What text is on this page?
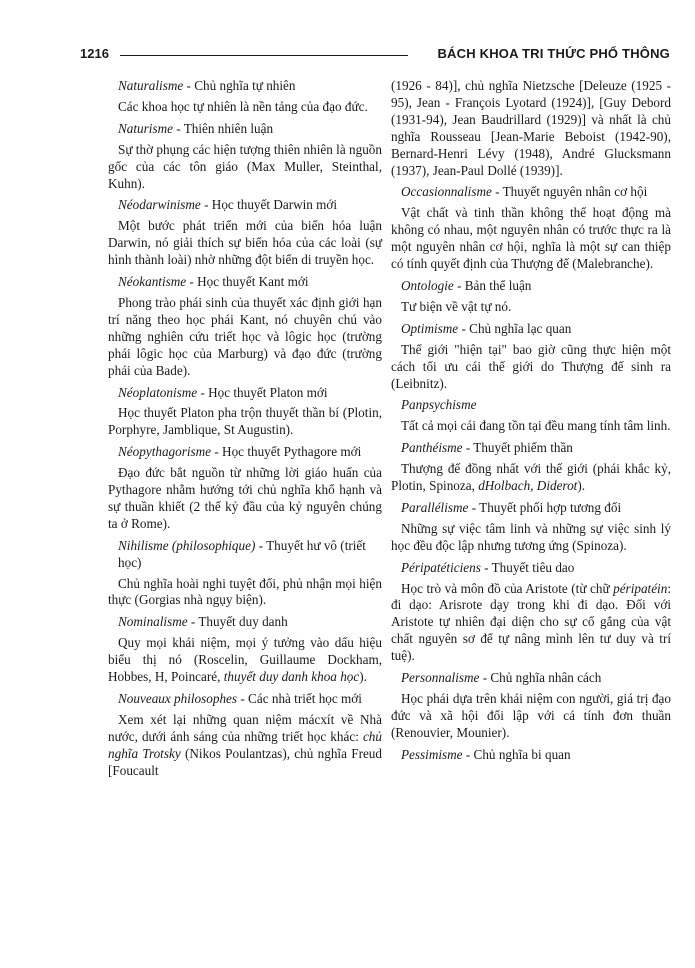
1216	BÁCH KHOA TRI THỨC PHỔ THÔNG

Naturalisme - Chủ nghĩa tự nhiên

Các khoa học tự nhiên là nền tảng của đạo đức.

Naturisme - Thiên nhiên luận

Sự thờ phụng các hiện tượng thiên nhiên là nguồn gốc của các tôn giáo (Max Muller, Steinthal, Kuhn).

Néodarwinisme - Học thuyết Darwin mới

Một bước phát triển mới của biến hóa luận Darwin, nó giải thích sự biến hóa của các loài (sự hình thành loài) nhờ những đột biến di truyền học.

Néokantisme - Học thuyết Kant mới

Phong trào phái sinh của thuyết xác định giới hạn trí năng theo học phái Kant, nó chuyên chú vào những nghiên cứu triết học và lôgic học (trường phái lôgic học của Marburg) và đạo đức (trường phái của Bade).

Néoplatonisme - Học thuyết Platon mới

Học thuyết Platon pha trộn thuyết thần bí (Plotin, Porphyre, Jamblique, St Augustin).

Néopythagorisme - Học thuyết Pythagore mới

Đạo đức bắt nguồn từ những lời giáo huấn của Pythagore nhằm hướng tới chủ nghĩa khổ hạnh và sự thuần khiết (2 thế kỷ đầu của kỷ nguyên chúng ta ở Rome).

Nihilisme (philosophique) - Thuyết hư vô (triết học)

Chủ nghĩa hoài nghi tuyệt đối, phủ nhận mọi hiện thực (Gorgias nhà ngụy biện).

Nominalisme - Thuyết duy danh

Quy mọi khái niệm, mọi ý tưởng vào dấu hiệu biểu thị nó (Roscelin, Guillaume Dockham, Hobbes, H, Poincaré, thuyết duy danh khoa học).

Nouveaux philosophes - Các nhà triết học mới

Xem xét lại những quan niệm mácxít về Nhà nước, dưới ánh sáng của những triết học khác: chủ nghĩa Trotsky (Nikos Poulantzas), chủ nghĩa Freud [Foucault

(1926 - 84)], chủ nghĩa Nietzsche [Deleuze (1925 - 95), Jean - François Lyotard (1924)], [Guy Debord (1931-94), Jean Baudrillard (1929)] và nhất là chủ nghĩa Rousseau [Jean-Marie Beboist (1942-90), Bernard-Henri Lévy (1948), André Glucksmann (1937), Jean-Paul Dollé (1939)].

Occasionnalisme - Thuyết nguyên nhân cơ hội

Vật chất và tinh thần không thể hoạt động mà không có nhau, một nguyên nhân có trước thực ra là một nguyên nhân cơ hội, nghĩa là một sự can thiệp có tính quyết định của Thượng đế (Malebranche).

Ontologie - Bản thể luận

Tư biện về vật tự nó.

Optimisme - Chủ nghĩa lạc quan

Thế giới "hiện tại" bao giờ cũng thực hiện một cách tối ưu cái thế giới do Thượng đế sinh ra (Leibnitz).

Panpsychisme

Tất cả mọi cái đang tồn tại đều mang tính tâm linh.

Panthéisme - Thuyết phiếm thần

Thượng đế đồng nhất với thế giới (phái khắc kỷ, Plotin, Spinoza, dHolbach, Diderot).

Parallélisme - Thuyết phối hợp tương đối

Những sự việc tâm linh và những sự việc sinh lý học đều độc lập nhưng tương ứng (Spinoza).

Péripatéticiens - Thuyết tiêu dao

Học trò và môn đồ của Aristote (từ chữ péripatéin: đi dạo: Arisrote dạy trong khi đi dạo. Đối với Aristote tự nhiên đại diện cho sự cố gắng của vật chất nguyên sơ để tự nâng mình lên tư duy và trí tuệ).

Personnalisme - Chủ nghĩa nhân cách

Học phái dựa trên khái niệm con người, giá trị đạo đức và xã hội đối lập với cá tính đơn thuần (Renouvier, Mounier).

Pessimisme - Chủ nghĩa bi quan
